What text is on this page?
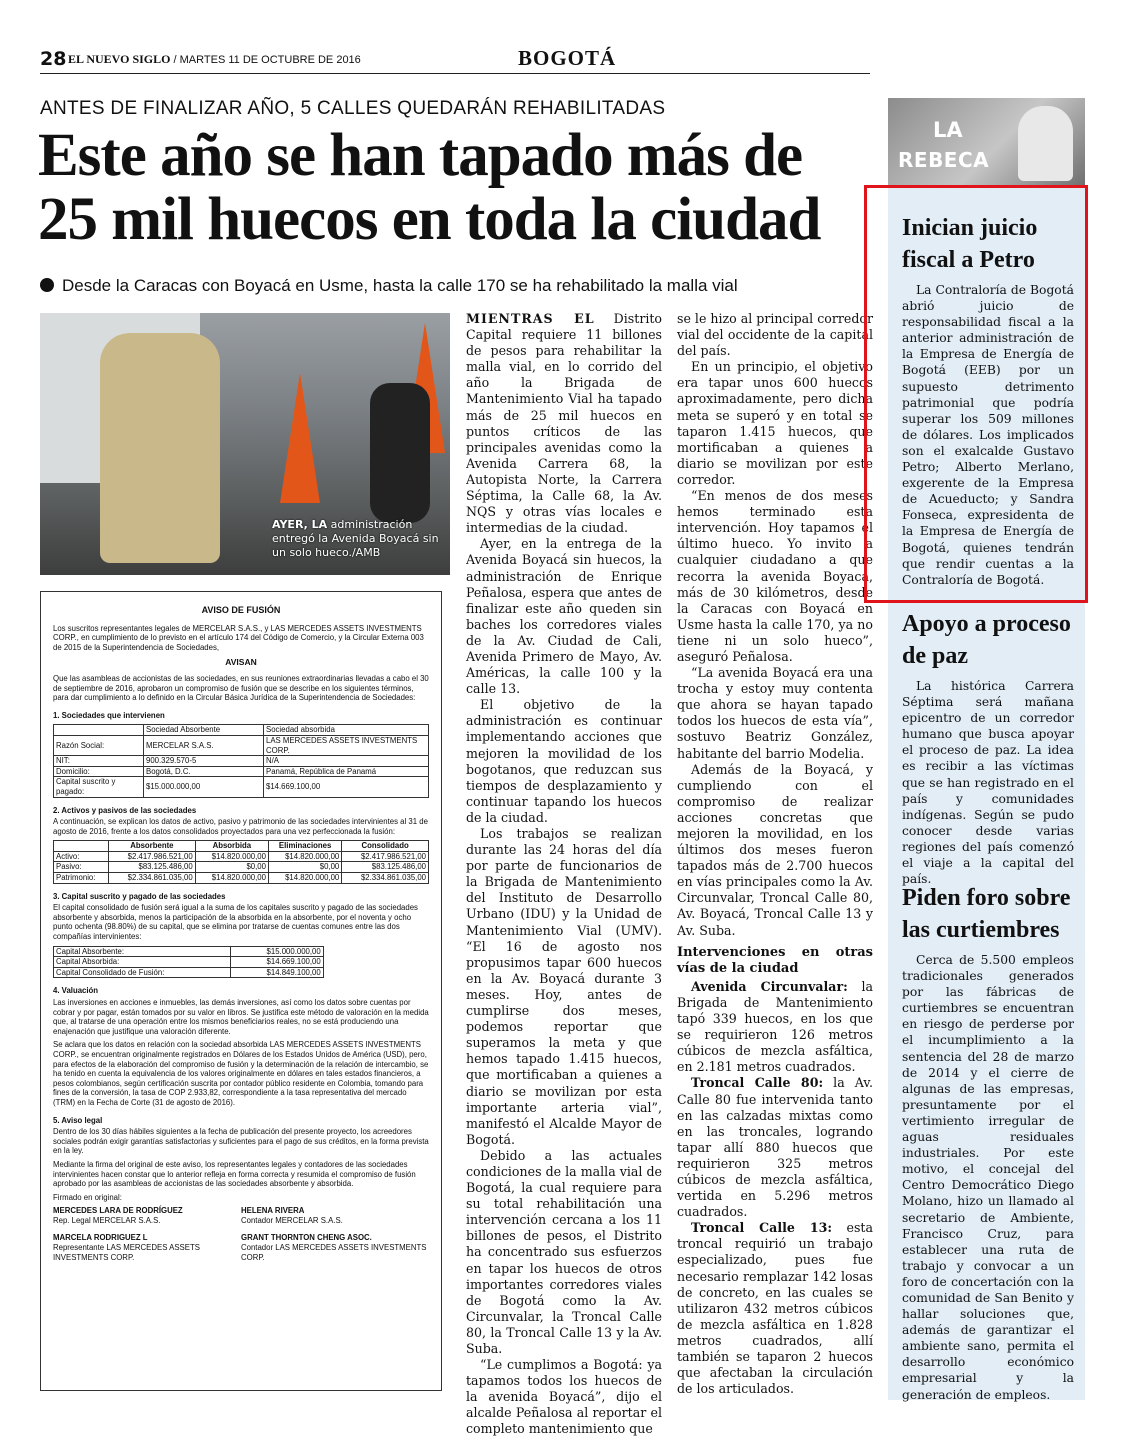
28 EL NUEVO SIGLO / MARTES 11 DE OCTUBRE DE 2016	BOGOTÁ
ANTES DE FINALIZAR AÑO, 5 CALLES QUEDARÁN REHABILITADAS
Este año se han tapado más de 25 mil huecos en toda la ciudad
Desde la Caracas con Boyacá en Usme, hasta la calle 170 se ha rehabilitado la malla vial
AYER, LA administración entregó la Avenida Boyacá sin un solo hueco./AMB
AVISO DE FUSIÓN

Los suscritos representantes legales de MERCELAR S.A.S., y LAS MERCEDES ASSETS INVESTMENTS CORP., en cumplimiento de lo previsto en el artículo 174 del Código de Comercio, y la Circular Externa 003 de 2015 de la Superintendencia de Sociedades,

AVISAN

Que las asambleas de accionistas de las sociedades, en sus reuniones extraordinarias llevadas a cabo el 30 de septiembre de 2016, aprobaron un compromiso de fusión que se describe en los siguientes términos, para dar cumplimiento a lo definido en la Circular Básica Jurídica de la Superintendencia de Sociedades:

1. Sociedades que intervienen
	Sociedad Absorbente	Sociedad absorbida
Razón Social:	MERCELAR S.A.S.	LAS MERCEDES ASSETS INVESTMENTS CORP.
NIT:	900.329.570-5	N/A
Domicilio:	Bogotá, D.C.	Panamá, República de Panamá
Capital suscrito y pagado:	$15.000.000,00	$14.669.100,00
2. Activos y pasivos de las sociedades

A continuación, se explican los datos de activo, pasivo y patrimonio de las sociedades intervinientes al 31 de agosto de 2016, frente a los datos consolidados proyectados para una vez perfeccionada la fusión:

	Absorbente	Absorbida	Eliminaciones	Consolidado
Activo:	$2.417.986.521,00	$14.820.000,00	$14.820.000,00	$2.417.986.521,00
Pasivo:	$83.125.486,00	$0,00	$0,00	$83.125.486,00
Patrimonio:	$2.334.861.035,00	$14.820.000,00	$14.820.000,00	$2.334.861.035,00
3. Capital suscrito y pagado de las sociedades

El capital consolidado de fusión será igual a la suma de los capitales suscrito y pagado de las sociedades absorbente y absorbida, menos la participación de la absorbida en la absorbente, por el noventa y ocho punto ochenta (98.80%) de su capital, que se elimina por tratarse de cuentas comunes entre las dos compañías intervinientes:

Capital Absorbente:	$15.000.000,00
Capital Absorbida:	$14.669.100,00
Capital Consolidado de Fusión:	$14.849.100,00
4. Valuación

Las inversiones en acciones e inmuebles, las demás inversiones, así como los datos sobre cuentas por cobrar y por pagar, están tomados por su valor en libros. Se justifica este método de valoración en la medida que, al tratarse de una operación entre los mismos beneficiarios reales, no se está produciendo una enajenación que justifique una valoración diferente.

Se aclara que los datos en relación con la sociedad absorbida LAS MERCEDES ASSETS INVESTMENTS CORP., se encuentran originalmente registrados en Dólares de los Estados Unidos de América (USD), pero, para efectos de la elaboración del compromiso de fusión y la determinación de la relación de intercambio, se ha tenido en cuenta la equivalencia de los valores originalmente en dólares en tales estados financieros, a pesos colombianos, según certificación suscrita por contador público residente en Colombia, tomando para fines de la conversión, la tasa de COP 2.933,82, correspondiente a la tasa representativa del mercado (TRM) en la Fecha de Corte (31 de agosto de 2016).

5. Aviso legal

Dentro de los 30 días hábiles siguientes a la fecha de publicación del presente proyecto, los acreedores sociales podrán exigir garantías satisfactorias y suficientes para el pago de sus créditos, en la forma prevista en la ley.

Mediante la firma del original de este aviso, los representantes legales y contadores de las sociedades intervinientes hacen constar que lo anterior refleja en forma correcta y resumida el compromiso de fusión aprobado por las asambleas de accionistas de las sociedades absorbente y absorbida.

Firmado en original:

MERCEDES LARA DE RODRÍGUEZ
Rep. Legal MERCELAR S.A.S.
HELENA RIVERA
Contador MERCELAR S.A.S.
MARCELA RODRIGUEZ L
Representante LAS MERCEDES ASSETS INVESTMENTS CORP.
GRANT THORNTON CHENG ASOC.
Contador LAS MERCEDES ASSETS INVESTMENTS CORP.

MIENTRAS EL Distrito Capital requiere 11 billones de pesos para rehabilitar la malla vial, en lo corrido del año la Brigada de Mantenimiento Vial ha tapado más de 25 mil huecos en puntos críticos de las principales avenidas como la Avenida Carrera 68, la Autopista Norte, la Carrera Séptima, la Calle 68, la Av. NQS y otras vías locales e intermedias de la ciudad.

Ayer, en la entrega de la Avenida Boyacá sin huecos, la administración de Enrique Peñalosa, espera que antes de finalizar este año queden sin baches los corredores viales de la Av. Ciudad de Cali, Avenida Primero de Mayo, Av. Américas, la calle 100 y la calle 13.

El objetivo de la administración es continuar implementando acciones que mejoren la movilidad de los bogotanos, que reduzcan sus tiempos de desplazamiento y continuar tapando los huecos de la ciudad.

Los trabajos se realizan durante las 24 horas del día por parte de funcionarios de la Brigada de Mantenimiento del Instituto de Desarrollo Urbano (IDU) y la Unidad de Mantenimiento Vial (UMV). “El 16 de agosto nos propusimos tapar 600 huecos en la Av. Boyacá durante 3 meses. Hoy, antes de cumplirse dos meses, podemos reportar que superamos la meta y que hemos tapado 1.415 huecos, que mortificaban a quienes a diario se movilizan por esta importante arteria vial”, manifestó el Alcalde Mayor de Bogotá.

Debido a las actuales condiciones de la malla vial de Bogotá, la cual requiere para su total rehabilitación una intervención cercana a los 11 billones de pesos, el Distrito ha concentrado sus esfuerzos en tapar los huecos de otros importantes corredores viales de Bogotá como la Av. Circunvalar, la Troncal Calle 80, la Troncal Calle 13 y la Av. Suba.

“Le cumplimos a Bogotá: ya tapamos todos los huecos de la avenida Boyacá”, dijo el alcalde Peñalosa al reportar el completo mantenimiento que

se le hizo al principal corredor vial del occidente de la capital del país.

En un principio, el objetivo era tapar unos 600 huecos aproximadamente, pero dicha meta se superó y en total se taparon 1.415 huecos, que mortificaban a quienes a diario se movilizan por este corredor.

“En menos de dos meses hemos terminado esta intervención. Hoy tapamos el último hueco. Yo invito a cualquier ciudadano a que recorra la avenida Boyacá, más de 30 kilómetros, desde la Caracas con Boyacá en Usme hasta la calle 170, ya no tiene ni un solo hueco”, aseguró Peñalosa.

“La avenida Boyacá era una trocha y estoy muy contenta que ahora se hayan tapado todos los huecos de esta vía”, sostuvo Beatriz González, habitante del barrio Modelia.

Además de la Boyacá, y cumpliendo con el compromiso de realizar acciones concretas que mejoren la movilidad, en los últimos dos meses fueron tapados más de 2.700 huecos en vías principales como la Av. Circunvalar, Troncal Calle 80, Av. Boyacá, Troncal Calle 13 y Av. Suba.

Intervenciones en otras vías de la ciudad

Avenida Circunvalar: la Brigada de Mantenimiento tapó 339 huecos, en los que se requirieron 126 metros cúbicos de mezcla asfáltica, en 2.181 metros cuadrados.

Troncal Calle 80: la Av. Calle 80 fue intervenida tanto en las calzadas mixtas como en las troncales, logrando tapar allí 880 huecos que requirieron 325 metros cúbicos de mezcla asfáltica, vertida en 5.296 metros cuadrados.

Troncal Calle 13: esta troncal requirió un trabajo especializado, pues fue necesario remplazar 142 losas de concreto, en las cuales se utilizaron 432 metros cúbicos de mezcla asfáltica en 1.828 metros cuadrados, allí también se taparon 2 huecos que afectaban la circulación de los articulados.

LA
REBECA
Inician juicio fiscal a Petro

La Contraloría de Bogotá abrió juicio de responsabilidad fiscal a la anterior administración de la Empresa de Energía de Bogotá (EEB) por un supuesto detrimento patrimonial que podría superar los 509 millones de dólares. Los implicados son el exalcalde Gustavo Petro; Alberto Merlano, exgerente de la Empresa de Acueducto; y Sandra Fonseca, expresidenta de la Empresa de Energía de Bogotá, quienes tendrán que rendir cuentas a la Contraloría de Bogotá.

Apoyo a proceso de paz

La histórica Carrera Séptima será mañana epicentro de un corredor humano que busca apoyar el proceso de paz. La idea es recibir a las víctimas que se han registrado en el país y comunidades indígenas. Según se pudo conocer desde varias regiones del país comenzó el viaje a la capital del país.

Piden foro sobre las curtiembres

Cerca de 5.500 empleos tradicionales generados por las fábricas de curtiembres se encuentran en riesgo de perderse por el incumplimiento a la sentencia del 28 de marzo de 2014 y el cierre de algunas de las empresas, presuntamente por el vertimiento irregular de aguas residuales industriales. Por este motivo, el concejal del Centro Democrático Diego Molano, hizo un llamado al secretario de Ambiente, Francisco Cruz, para establecer una ruta de trabajo y convocar a un foro de concertación con la comunidad de San Benito y hallar soluciones que, además de garantizar el ambiente sano, permita el desarrollo económico empresarial y la generación de empleos.
